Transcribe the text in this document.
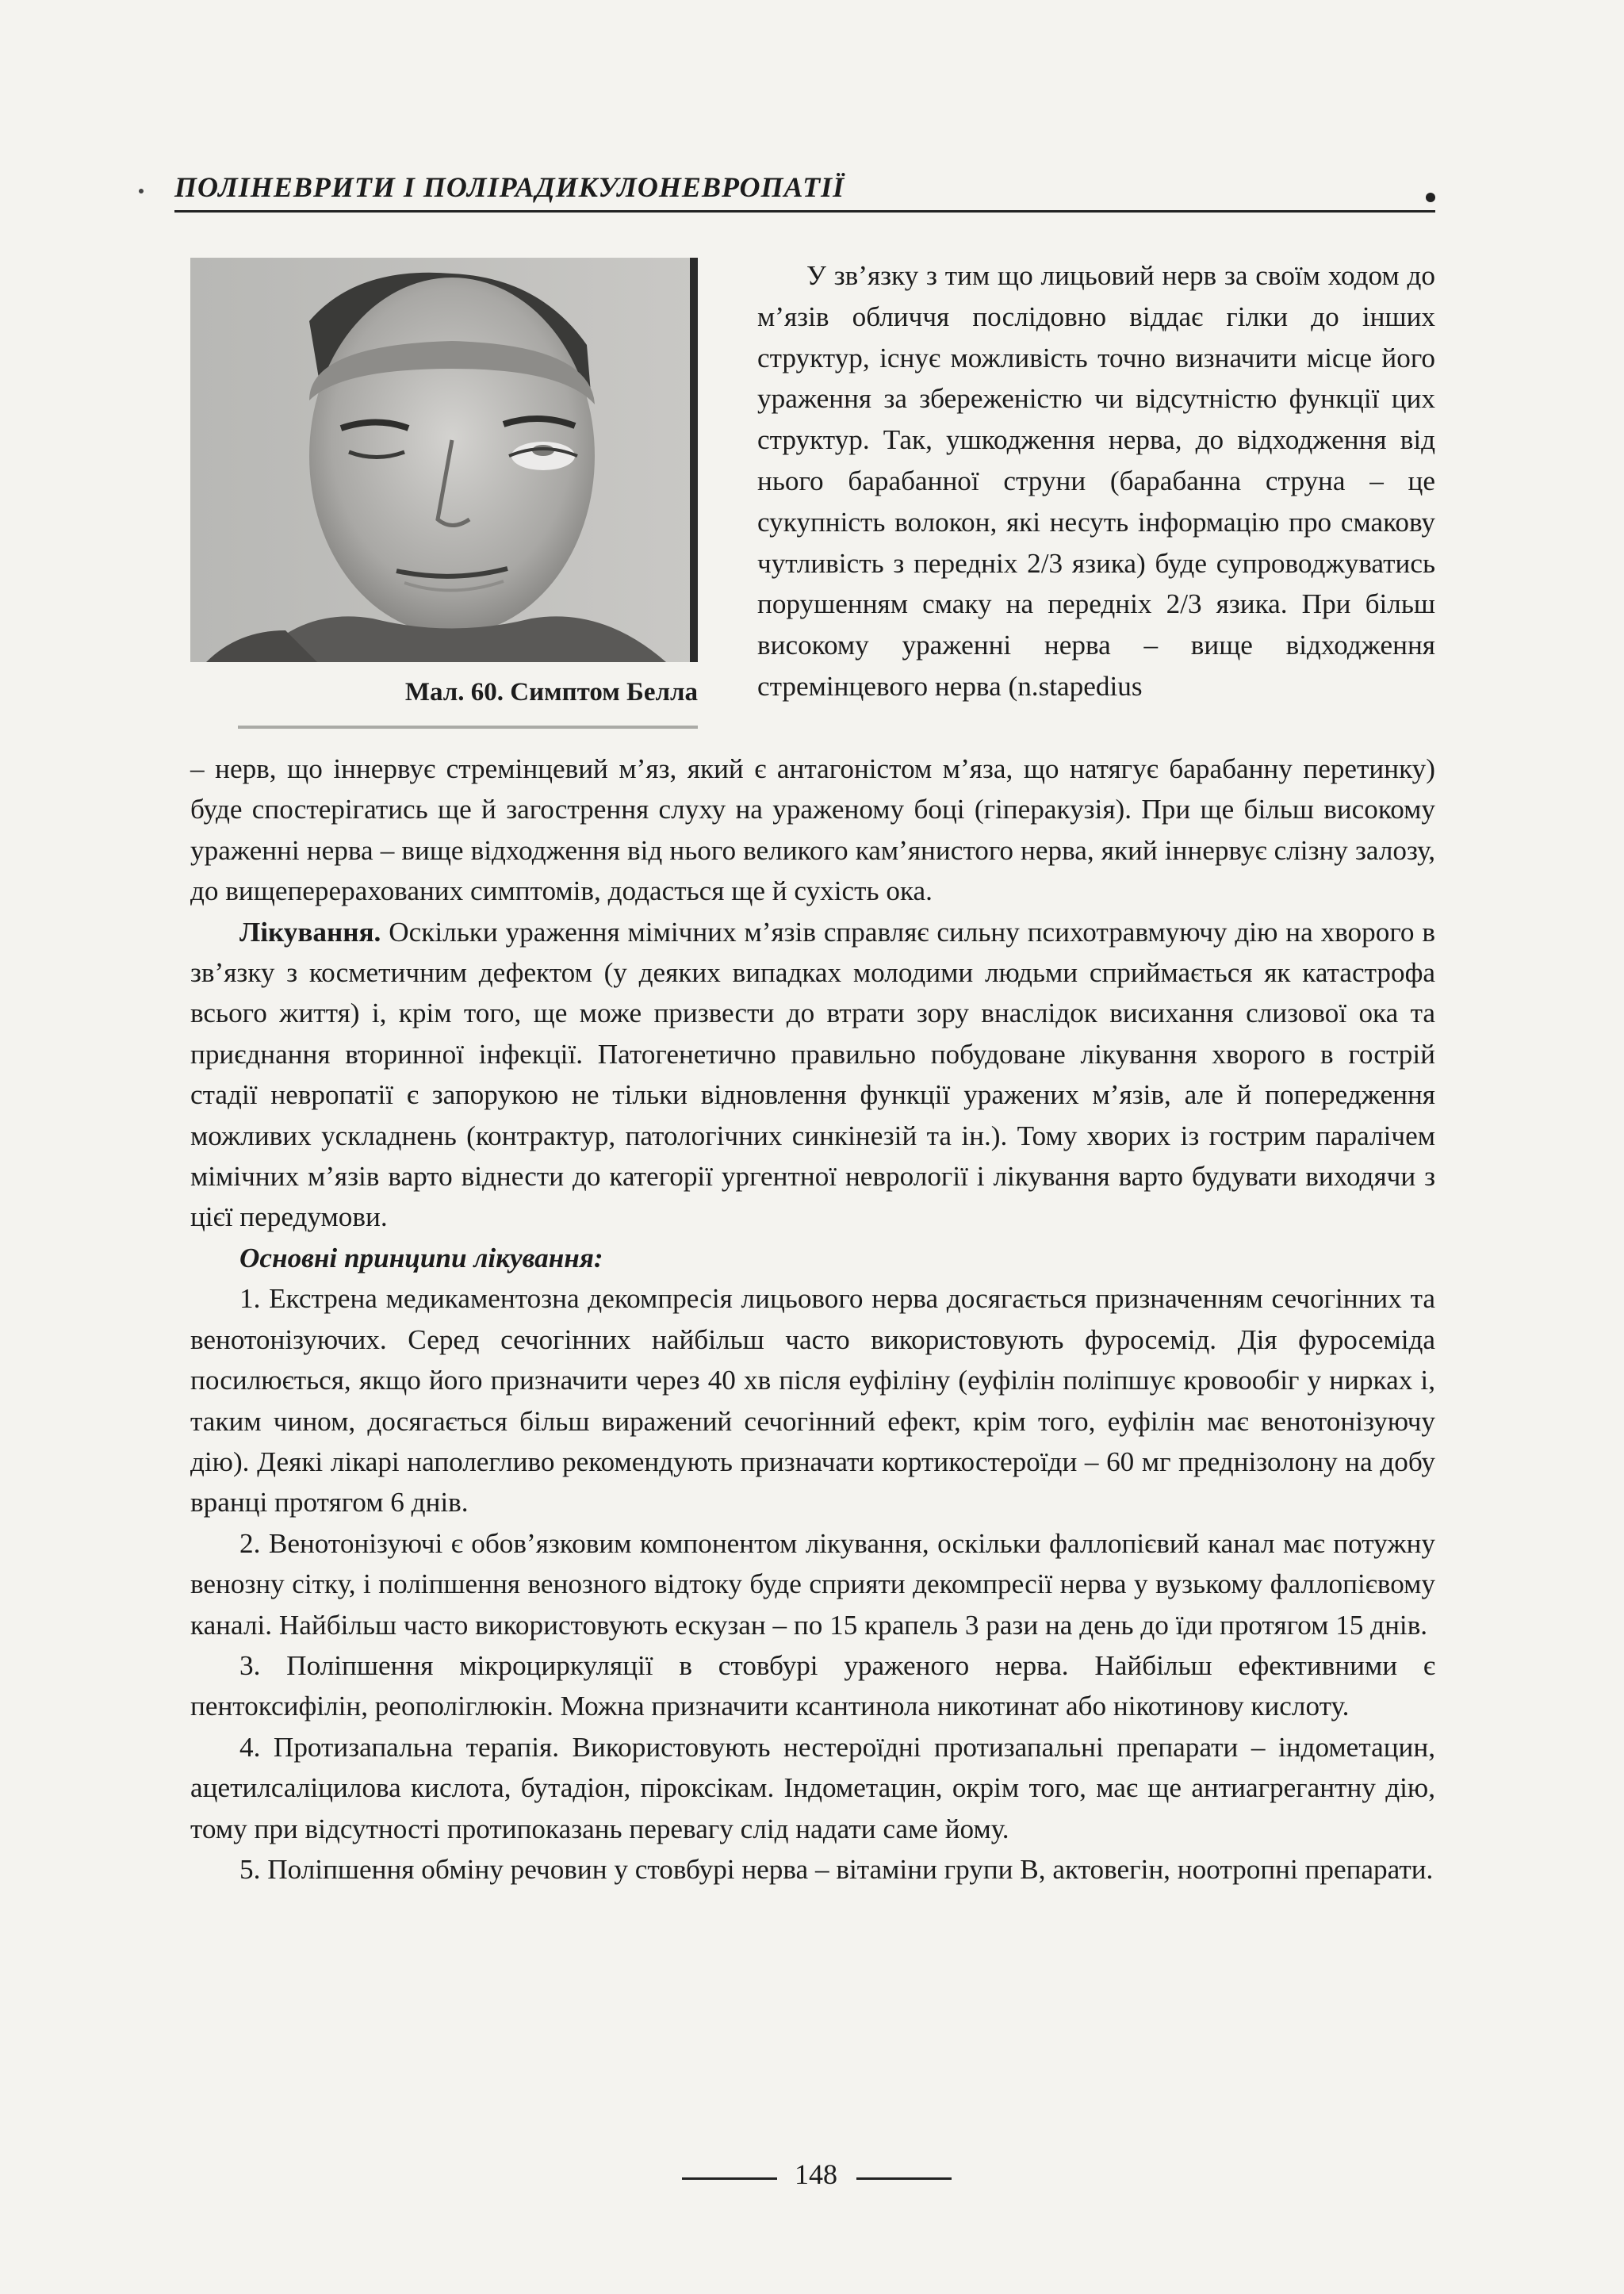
ПОЛІНЕВРИТИ І ПОЛІРАДИКУЛОНЕВРОПАТІЇ
Мал. 60. Симптом Белла

У зв’язку з тим що лицьовий нерв за своїм ходом до м’язів обличчя послідовно віддає гілки до інших структур, існує можливість точно визначити місце його ураження за збереженістю чи відсутністю функції цих структур. Так, ушкодження нерва, до відходження від нього барабанної струни (барабанна струна – це сукупність волокон, які несуть інформацію про смакову чутливість з передніх 2/3 язика) буде супроводжуватись порушенням смаку на передніх 2/3 язика. При більш високому ураженні нерва – вище відходження стремінцевого нерва (n.stapedius

– нерв, що іннервує стремінцевий м’яз, який є антагоністом м’яза, що натягує барабанну перетинку) буде спостерігатись ще й загострення слуху на ураженому боці (гіперакузія). При ще більш високому ураженні нерва – вище відходження від нього великого кам’янистого нерва, який іннервує слізну залозу, до вищеперерахованих симптомів, додасться ще й сухість ока.

Лікування. Оскільки ураження мімічних м’язів справляє сильну психотравмуючу дію на хворого в зв’язку з косметичним дефектом (у деяких випадках молодими людьми сприймається як катастрофа всього життя) і, крім того, ще може призвести до втрати зору внаслідок висихання слизової ока та приєднання вторинної інфекції. Патогенетично правильно побудоване лікування хворого в гострій стадії невропатії є запорукою не тільки відновлення функції уражених м’язів, але й попередження можливих ускладнень (контрактур, патологічних синкінезій та ін.). Тому хворих із гострим паралічем мімічних м’язів варто віднести до категорії ургентної неврології і лікування варто будувати виходячи з цієї передумови.

Основні принципи лікування:

1. Екстрена медикаментозна декомпресія лицьового нерва досягається призначенням сечогінних та венотонізуючих. Серед сечогінних найбільш часто використовують фуросемід. Дія фуросеміда посилюється, якщо його призначити через 40 хв після еуфіліну (еуфілін поліпшує кровообіг у нирках і, таким чином, досягається більш виражений сечогінний ефект, крім того, еуфілін має венотонізуючу дію). Деякі лікарі наполегливо рекомендують призначати кортикостероїди – 60 мг преднізолону на добу вранці протягом 6 днів.

2. Венотонізуючі є обов’язковим компонентом лікування, оскільки фаллопієвий канал має потужну венозну сітку, і поліпшення венозного відтоку буде сприяти декомпресії нерва у вузькому фаллопієвому каналі. Найбільш часто використовують ескузан – по 15 крапель 3 рази на день до їди протягом 15 днів.

3. Поліпшення мікроциркуляції в стовбурі ураженого нерва. Найбільш ефективними є пентоксифілін, реополіглюкін. Можна призначити ксантинола никотинат або нікотинову кислоту.

4. Протизапальна терапія. Використовують нестероїдні протизапальні препарати – індометацин, ацетилсаліцилова кислота, бутадіон, піроксікам. Індометацин, окрім того, має ще антиагрегантну дію, тому при відсутності протипоказань перевагу слід надати саме йому.

5. Поліпшення обміну речовин у стовбурі нерва – вітаміни групи В, актовегін, ноотропні препарати.

148
